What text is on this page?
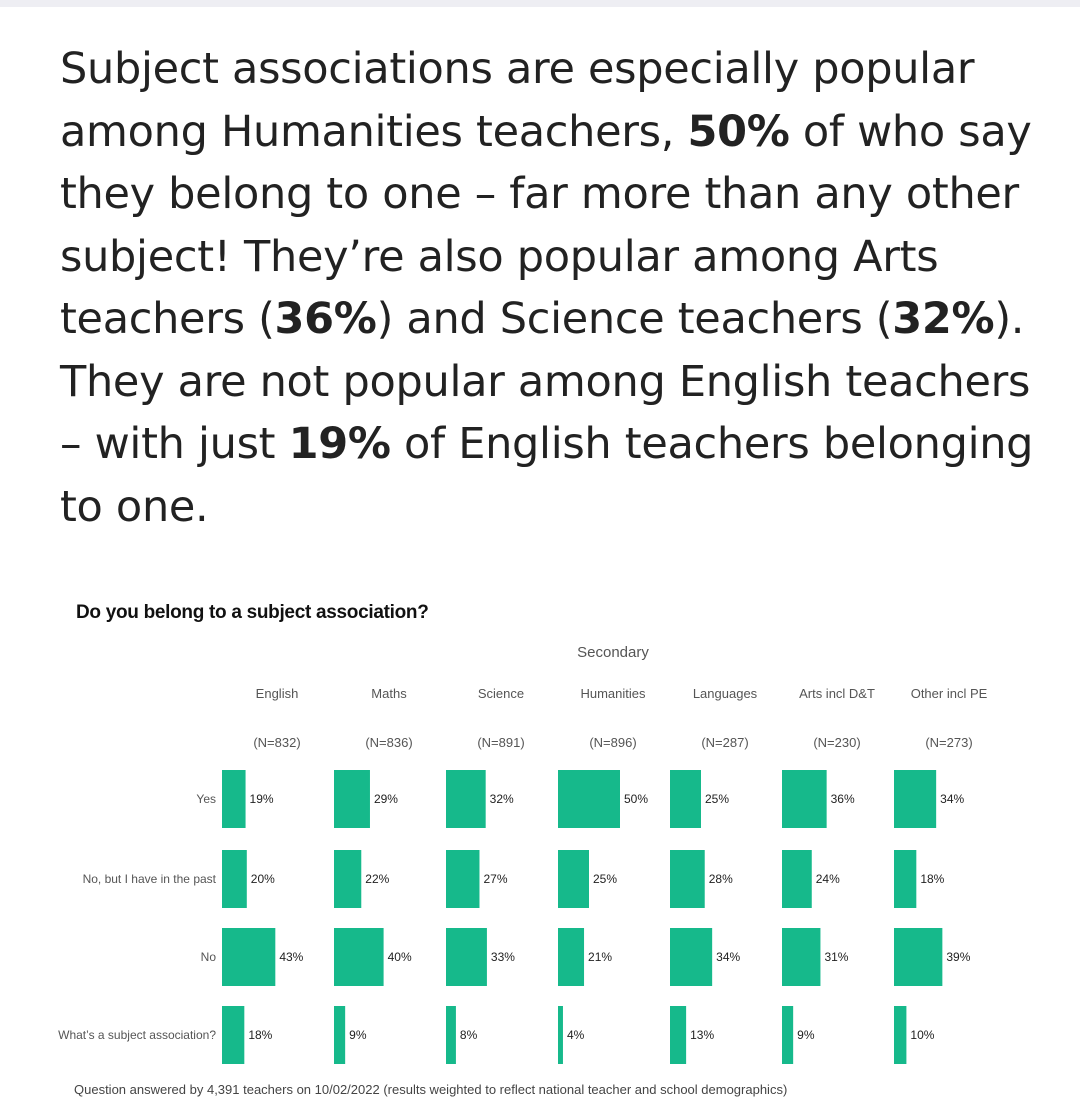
Subject associations are especially popular among Humanities teachers, 50% of who say they belong to one – far more than any other subject! They’re also popular among Arts teachers (36%) and Science teachers (32%). They are not popular among English teachers – with just 19% of English teachers belonging to one.

Do you belong to a subject association?
Secondary
Yes
No, but I have in the past
No
What’s a subject association?
English
(N=832)
19%
20%
43%
18%
Maths
(N=836)
29%
22%
40%
9%
Science
(N=891)
32%
27%
33%
8%
Humanities
(N=896)
50%
25%
21%
4%
Languages
(N=287)
25%
28%
34%
13%
Arts incl D&T
(N=230)
36%
24%
31%
9%
Other incl PE
(N=273)
34%
18%
39%
10%
Question answered by 4,391 teachers on 10/02/2022 (results weighted to reflect national teacher and school demographics)
